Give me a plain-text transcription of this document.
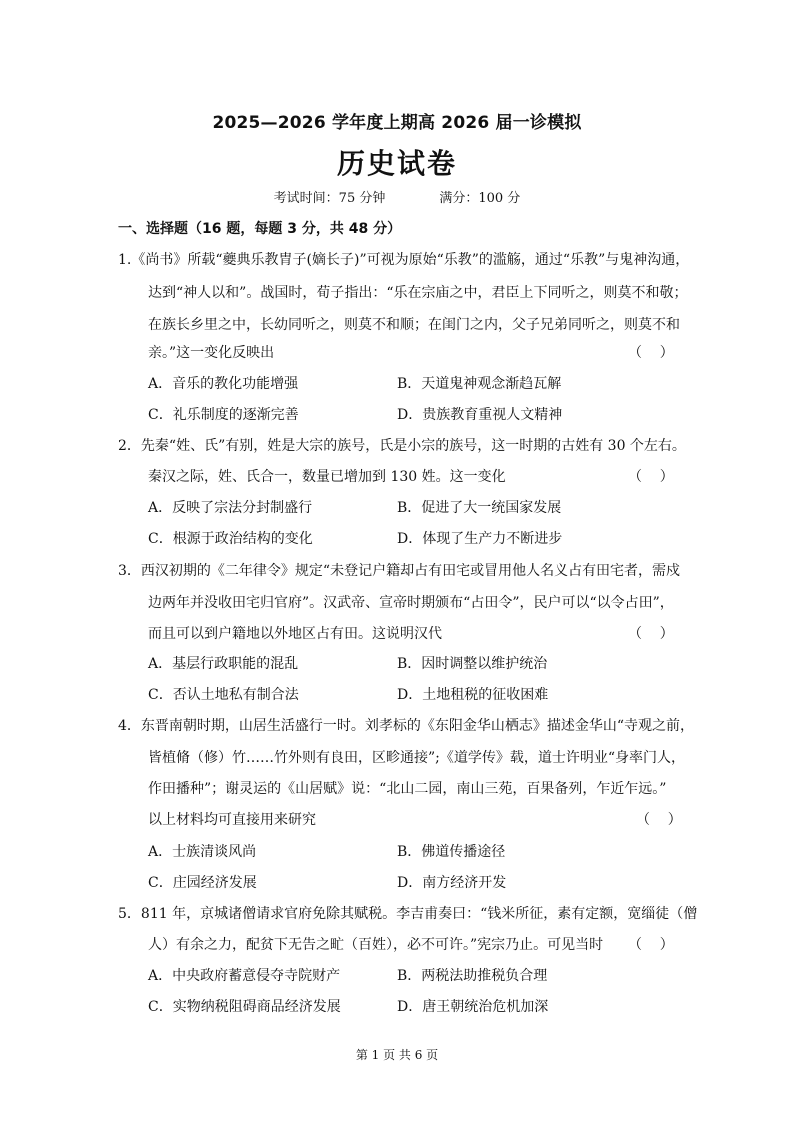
2025—2026 学年度上期高 2026 届一诊模拟
历史试卷
考试时间：75 分钟	满分：100 分
一、选择题（16 题，每题 3 分，共 48 分）
1.《尚书》所载“夔典乐教胄子(嫡长子)”可视为原始“乐教”的滥觞，通过“乐教”与鬼神沟通，
达到“神人以和”。战国时，荀子指出：“乐在宗庙之中，君臣上下同听之，则莫不和敬；
在族长乡里之中，长幼同听之，则莫不和顺；在闺门之内，父子兄弟同听之，则莫不和
亲。”这一变化反映出	（    ）
A．音乐的教化功能增强	B．天道鬼神观念渐趋瓦解
C．礼乐制度的逐渐完善	D．贵族教育重视人文精神
2．先秦“姓、氏”有别，姓是大宗的族号，氏是小宗的族号，这一时期的古姓有 30 个左右。
秦汉之际，姓、氏合一，数量已增加到 130 姓。这一变化	（    ）
A．反映了宗法分封制盛行	B．促进了大一统国家发展
C．根源于政治结构的变化	D．体现了生产力不断进步
3．西汉初期的《二年律令》规定“未登记户籍却占有田宅或冒用他人名义占有田宅者，需戍
边两年并没收田宅归官府”。汉武帝、宣帝时期颁布“占田令”，民户可以“以令占田”，
而且可以到户籍地以外地区占有田。这说明汉代	（    ）
A．基层行政职能的混乱	B．因时调整以维护统治
C．否认土地私有制合法	D．土地租税的征收困难
4．东晋南朝时期，山居生活盛行一时。刘孝标的《东阳金华山栖志》描述金华山“寺观之前，
皆植脩（修）竹……竹外则有良田，区畛通接”;《道学传》载，道士许明业“身率门人，
作田播种”；谢灵运的《山居赋》说：“北山二园，南山三苑，百果备列，乍近乍远。”
以上材料均可直接用来研究	（    ）
A．士族清谈风尚	B．佛道传播途径
C．庄园经济发展	D．南方经济开发
5．811 年，京城诸僧请求官府免除其赋税。李吉甫奏曰：“钱米所征，素有定额，宽缁徒（僧
人）有余之力，配贫下无告之甿（百姓），必不可许。”宪宗乃止。可见当时	（    ）
A．中央政府蓄意侵夺寺院财产	B．两税法助推税负合理
C．实物纳税阻碍商品经济发展	D．唐王朝统治危机加深
第 1 页 共 6 页
